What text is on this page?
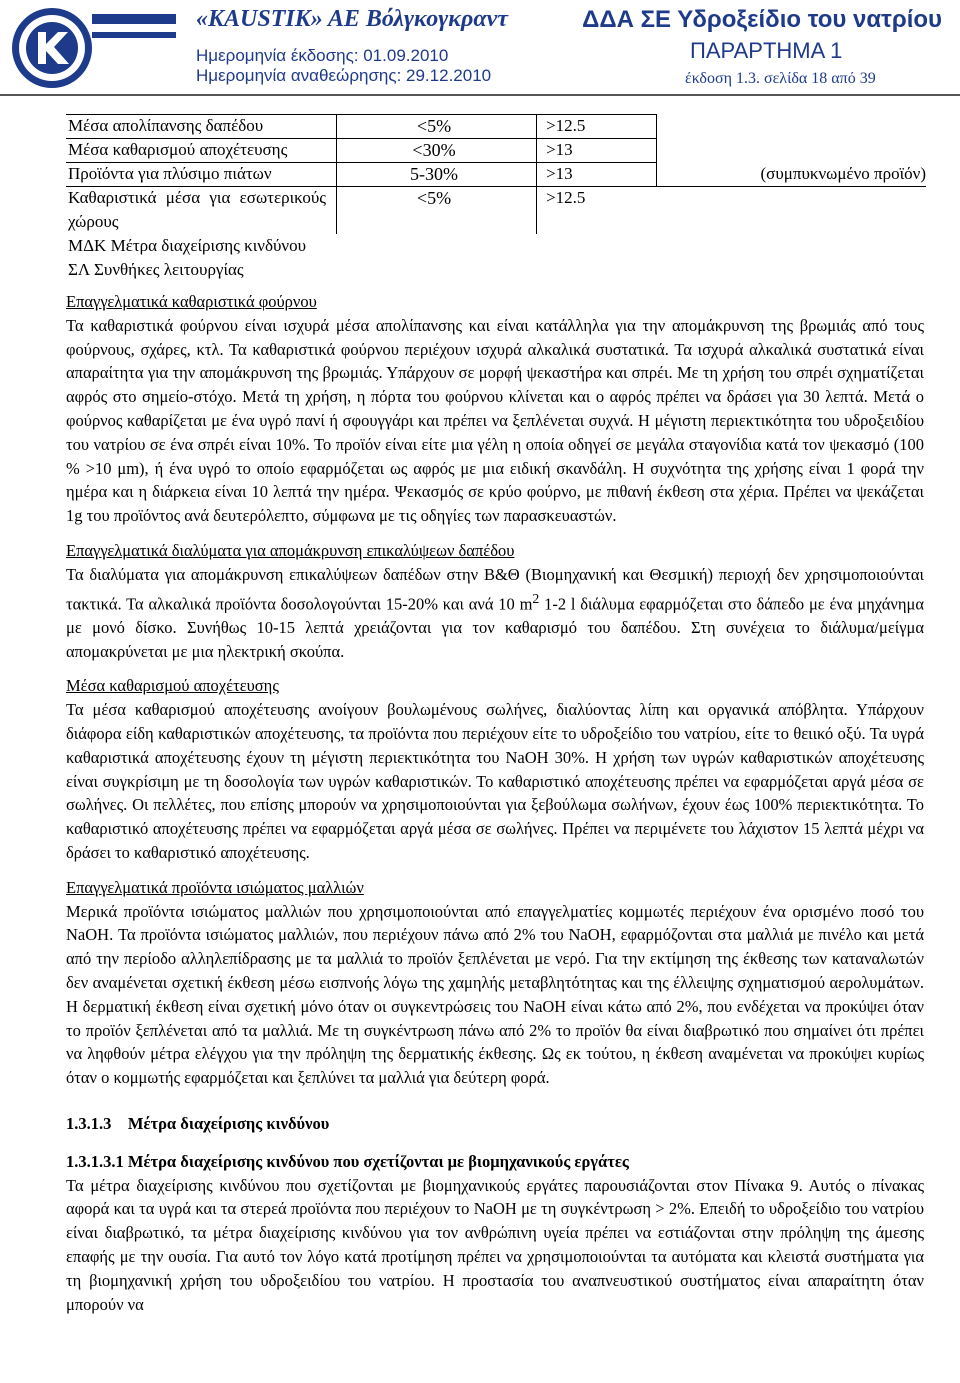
«KAUSTIK» AE Βόλγκογκραντ
Ημερομηνία έκδοσης: 01.09.2010
Ημερομηνία αναθεώρησης: 29.12.2010
ΔΔΑ ΣΕ Υδροξείδιο του νατρίου
ΠΑΡΑΡΤΗΜΑ 1
έκδοση 1.3. σελίδα 18 από 39
Μέσα απολίπανσης δαπέδου	<5%	>12.5
Μέσα καθαρισμού αποχέτευσης	<30%	>13
Προϊόντα για πλύσιμο πιάτων	5-30%	>13	(συμπυκνωμένο προϊόν)
Καθαριστικά μέσα για εσωτερικούς
χώρους
<5%	>12.5
ΜΔΚ Μέτρα διαχείρισης κινδύνου
ΣΛ Συνθήκες λειτουργίας

Επαγγελματικά καθαριστικά φούρνου

Τα καθαριστικά φούρνου είναι ισχυρά μέσα απολίπανσης και είναι κατάλληλα για την απομάκρυνση της βρωμιάς από τους φούρνους, σχάρες, κτλ. Τα καθαριστικά φούρνου περιέχουν ισχυρά αλκαλικά συστατικά. Τα ισχυρά αλκαλικά συστατικά είναι απαραίτητα για την απομάκρυνση της βρωμιάς. Υπάρχουν σε μορφή ψεκαστήρα και σπρέι. Με τη χρήση του σπρέι σχηματίζεται αφρός στο σημείο-στόχο. Μετά τη χρήση, η πόρτα του φούρνου κλίνεται και ο αφρός πρέπει να δράσει για 30 λεπτά. Μετά ο φούρνος καθαρίζεται με ένα υγρό πανί ή σφουγγάρι και πρέπει να ξεπλένεται συχνά. Η μέγιστη περιεκτικότητα του υδροξειδίου του νατρίου σε ένα σπρέι είναι 10%. Το προϊόν είναι είτε μια γέλη η οποία οδηγεί σε μεγάλα σταγονίδια κατά τον ψεκασμό (100 % >10 μm), ή ένα υγρό το οποίο εφαρμόζεται ως αφρός με μια ειδική σκανδάλη. Η συχνότητα της χρήσης είναι 1 φορά την ημέρα και η διάρκεια είναι 10 λεπτά την ημέρα. Ψεκασμός σε κρύο φούρνο, με πιθανή έκθεση στα χέρια. Πρέπει να ψεκάζεται 1g του προϊόντος ανά δευτερόλεπτο, σύμφωνα με τις οδηγίες των παρασκευαστών.

Επαγγελματικά διαλύματα για απομάκρυνση επικαλύψεων δαπέδου

Τα διαλύματα για απομάκρυνση επικαλύψεων δαπέδων στην Β&Θ (Βιομηχανική και Θεσμική) περιοχή δεν χρησιμοποιούνται τακτικά. Τα αλκαλικά προϊόντα δοσολογούνται 15-20% και ανά 10 $m^2$ 1-2 l διάλυμα εφαρμόζεται στο δάπεδο με ένα μηχάνημα με μονό δίσκο. Συνήθως 10-15 λεπτά χρειάζονται για τον καθαρισμό του δαπέδου. Στη συνέχεια το διάλυμα/μείγμα απομακρύνεται με μια ηλεκτρική σκούπα.

Μέσα καθαρισμού αποχέτευσης

Τα μέσα καθαρισμού αποχέτευσης ανοίγουν βουλωμένους σωλήνες, διαλύοντας λίπη και οργανικά απόβλητα. Υπάρχουν διάφορα είδη καθαριστικών αποχέτευσης, τα προϊόντα που περιέχουν είτε το υδροξείδιο του νατρίου, είτε το θειικό οξύ. Τα υγρά καθαριστικά αποχέτευσης έχουν τη μέγιστη περιεκτικότητα του NaOH 30%. Η χρήση των υγρών καθαριστικών αποχέτευσης είναι συγκρίσιμη με τη δοσολογία των υγρών καθαριστικών. Το καθαριστικό αποχέτευσης πρέπει να εφαρμόζεται αργά μέσα σε σωλήνες. Οι πελλέτες, που επίσης μπορούν να χρησιμοποιούνται για ξεβούλωμα σωλήνων, έχουν έως 100% περιεκτικότητα. Το καθαριστικό αποχέτευσης πρέπει να εφαρμόζεται αργά μέσα σε σωλήνες. Πρέπει να περιμένετε του λάχιστον 15 λεπτά μέχρι να δράσει το καθαριστικό αποχέτευσης.

Επαγγελματικά προϊόντα ισιώματος μαλλιών

Μερικά προϊόντα ισιώματος μαλλιών που χρησιμοποιούνται από επαγγελματίες κομμωτές περιέχουν ένα ορισμένο ποσό του NaOH. Τα προϊόντα ισιώματος μαλλιών, που περιέχουν πάνω από 2% του NaOH, εφαρμόζονται στα μαλλιά με πινέλο και μετά από την περίοδο αλληλεπίδρασης με τα μαλλιά το προϊόν ξεπλένεται με νερό. Για την εκτίμηση της έκθεσης των καταναλωτών δεν αναμένεται σχετική έκθεση μέσω εισπνοής λόγω της χαμηλής μεταβλητότητας και της έλλειψης σχηματισμού αερολυμάτων. Η δερματική έκθεση είναι σχετική μόνο όταν οι συγκεντρώσεις του NaOH είναι κάτω από 2%, που ενδέχεται να προκύψει όταν το προϊόν ξεπλένεται από τα μαλλιά. Με τη συγκέντρωση πάνω από 2% το προϊόν θα είναι διαβρωτικό που σημαίνει ότι πρέπει να ληφθούν μέτρα ελέγχου για την πρόληψη της δερματικής έκθεσης. Ως εκ τούτου, η έκθεση αναμένεται να προκύψει κυρίως όταν ο κομμωτής εφαρμόζεται και ξεπλύνει τα μαλλιά για δεύτερη φορά.

1.3.1.3 Μέτρα διαχείρισης κινδύνου

1.3.1.3.1 Μέτρα διαχείρισης κινδύνου που σχετίζονται με βιομηχανικούς εργάτες

Τα μέτρα διαχείρισης κινδύνου που σχετίζονται με βιομηχανικούς εργάτες παρουσιάζονται στον Πίνακα 9. Αυτός ο πίνακας αφορά και τα υγρά και τα στερεά προϊόντα που περιέχουν το NaOH με τη συγκέντρωση > 2%. Επειδή το υδροξείδιο του νατρίου είναι διαβρωτικό, τα μέτρα διαχείρισης κινδύνου για τον ανθρώπινη υγεία πρέπει να εστιάζονται στην πρόληψη της άμεσης επαφής με την ουσία. Για αυτό τον λόγο κατά προτίμηση πρέπει να χρησιμοποιούνται τα αυτόματα και κλειστά συστήματα για τη βιομηχανική χρήση του υδροξειδίου του νατρίου. Η προστασία του αναπνευστικού συστήματος είναι απαραίτητη όταν μπορούν να
